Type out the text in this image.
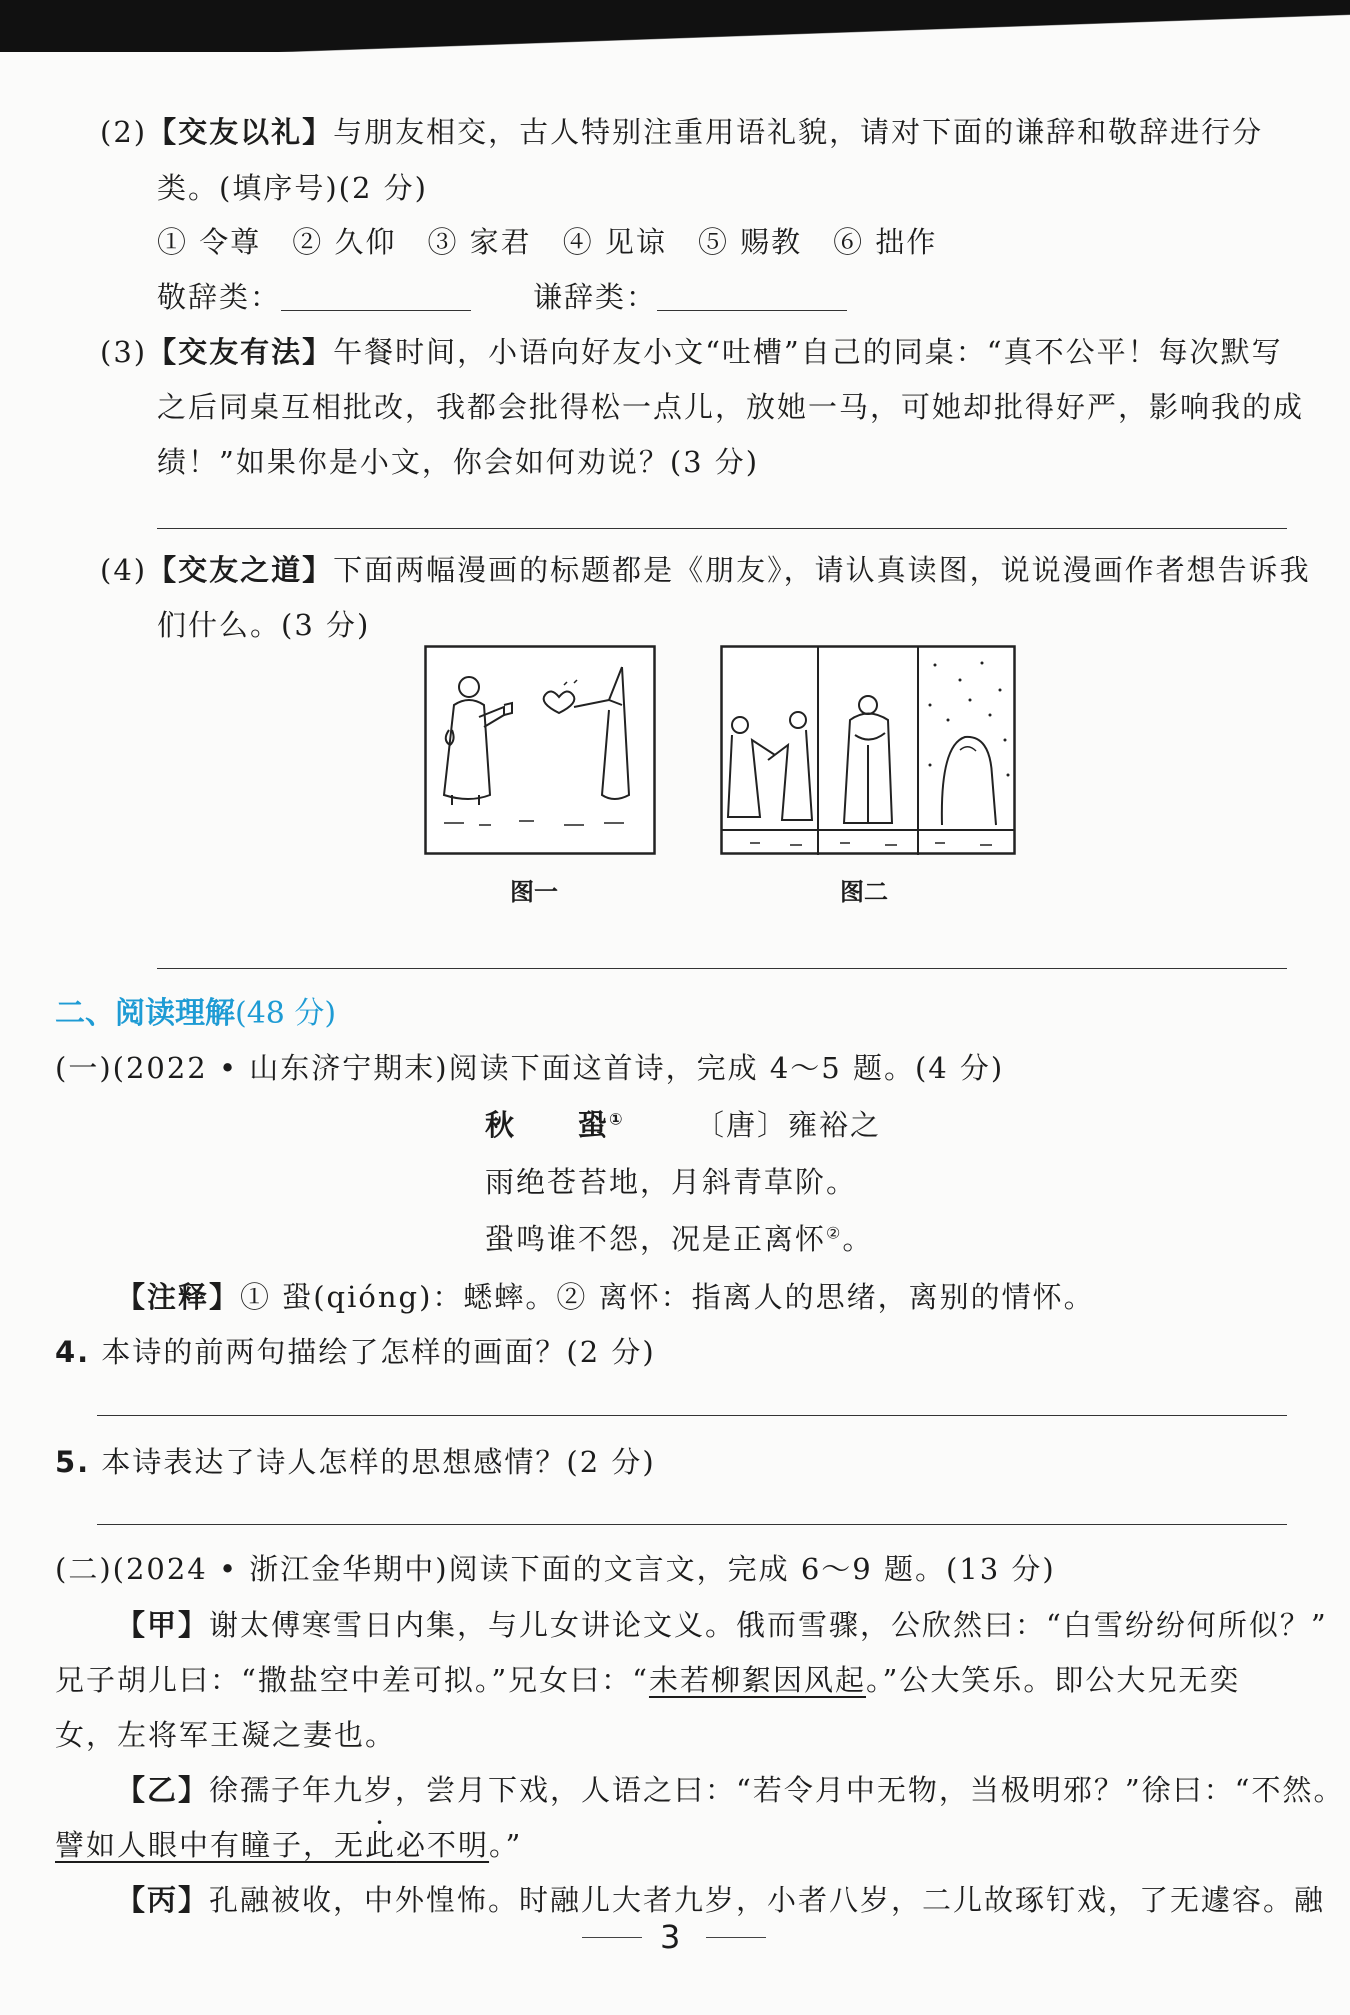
(2)【交友以礼】与朋友相交，古人特别注重用语礼貌，请对下面的谦辞和敬辞进行分
类。(填序号)(2 分)
① 令尊　 ② 久仰　 ③ 家君　 ④ 见谅　 ⑤ 赐教　 ⑥ 拙作
敬辞类：　　	谦辞类：
(3)【交友有法】午餐时间，小语向好友小文“吐槽”自己的同桌：“真不公平！每次默写
之后同桌互相批改，我都会批得松一点儿，放她一马，可她却批得好严，影响我的成
绩！”如果你是小文，你会如何劝说？(3 分)
(4)【交友之道】下面两幅漫画的标题都是《朋友》，请认真读图，说说漫画作者想告诉我
们什么。(3 分)
图一	图二
二、阅读理解(48 分)
(一)(2022 • 山东济宁期末)阅读下面这首诗，完成 4～5 题。(4 分)
秋　　蛩① 〔唐〕雍裕之
雨绝苍苔地，月斜青草阶。
蛩鸣谁不怨，况是正离怀②。
【注释】① 蛩(qióng)：蟋蟀。② 离怀：指离人的思绪，离别的情怀。
4. 本诗的前两句描绘了怎样的画面？(2 分)
5. 本诗表达了诗人怎样的思想感情？(2 分)
(二)(2024 • 浙江金华期中)阅读下面的文言文，完成 6～9 题。(13 分)
【甲】谢太傅寒雪日内集，与儿女讲论文义。俄而雪骤，公欣然曰：“白雪纷纷何所似？”
兄子胡儿曰：“撒盐空中差可拟。”兄女曰：“未若柳絮因风起。”公大笑乐。即公大兄无奕
女，左将军王凝之妻也。
【乙】徐孺子年九岁，尝月下戏，人语之曰：“若令月中无物，当极明邪？”徐曰：“不然。
譬如人眼中有瞳子，无此必不明。”
【丙】孔融被收，中外惶怖。时融儿大者九岁，小者八岁，二儿故琢钉戏，了无遽容。融
3
